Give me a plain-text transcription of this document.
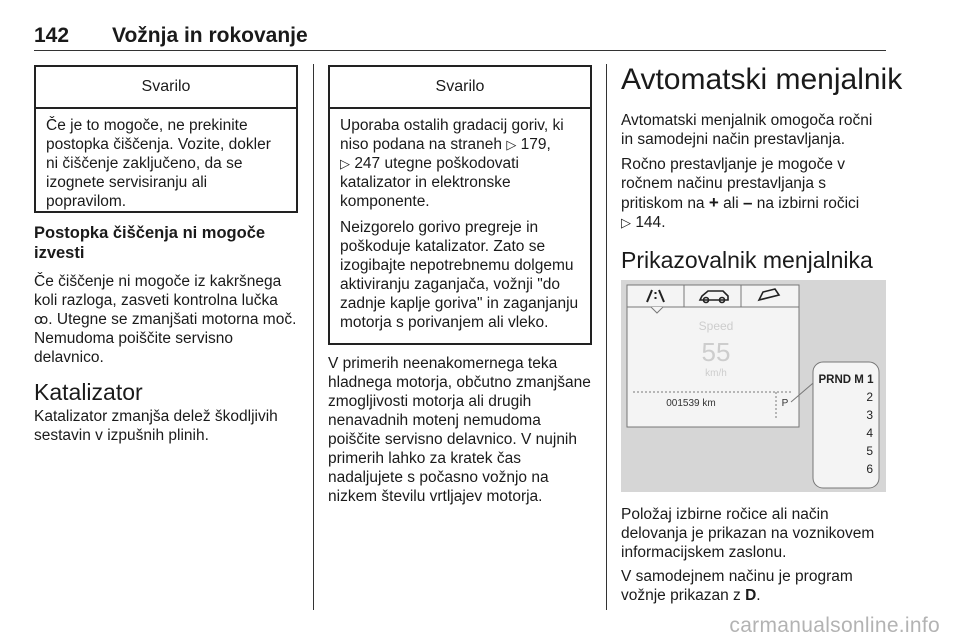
142 Vožnja in rokovanje
Svarilo
Če je to mogoče, ne prekinite postopka čiščenja. Vozite, dokler ni čiščenje zaključeno, da se izognete servisiranju ali popravilom.
Postopka čiščenja ni mogoče izvesti
Če čiščenje ni mogoče iz kakršnega koli razloga, zasveti kontrolna lučka ꝏ. Utegne se zmanjšati motorna moč. Nemudoma poiščite servisno delavnico.
Katalizator
Katalizator zmanjša delež škodljivih sestavin v izpušnih plinih.
Svarilo

Uporaba ostalih gradacij goriv, ki niso podana na straneh ▷ 179,
▷ 247 utegne poškodovati katalizator in elektronske komponente.

Neizgorelo gorivo pregreje in poškoduje katalizator. Zato se izogibajte nepotrebnemu dolgemu aktiviranju zaganjača, vožnji "do zadnje kaplje goriva" in zaganjanju motorja s porivanjem ali vleko.

V primerih neenakomernega teka hladnega motorja, občutno zmanjšane zmogljivosti motorja ali drugih nenavadnih motenj nemudoma poiščite servisno delavnico. V nujnih primerih lahko za kratek čas nadaljujete s počasno vožnjo na nizkem številu vrtljajev motorja.
Avtomatski menjalnik
Avtomatski menjalnik omogoča ročni in samodejni način prestavljanja.
Ročno prestavljanje je mogoče v ročnem načinu prestavljanja s pritiskom na + ali – na izbirni ročici
▷ 144.
Prikazovalnik menjalnika
Speed
55
km/h
001539 km	P
PRND M 1
2
3
4
5
6
Položaj izbirne ročice ali način delovanja je prikazan na voznikovem informacijskem zaslonu.
V samodejnem načinu je program vožnje prikazan z D.
carmanualsonline.info
